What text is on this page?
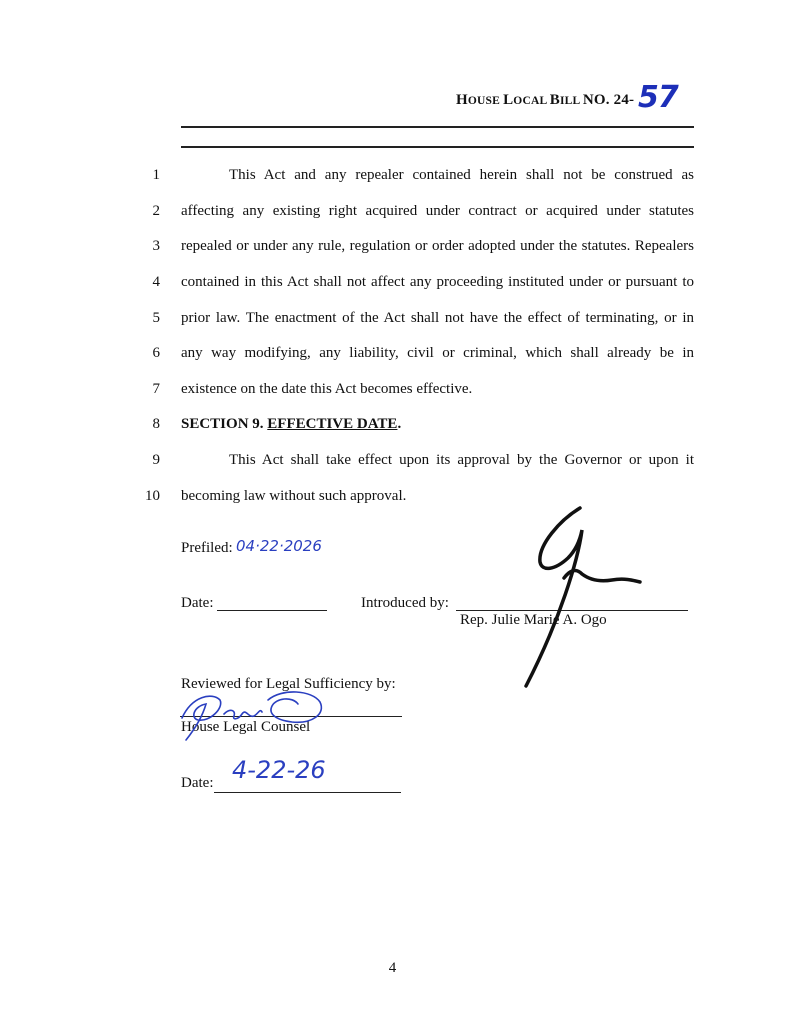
HOUSE LOCAL BILL NO. 24- 57
1	This Act and any repealer contained herein shall not be construed as
2 affecting any existing right acquired under contract or acquired under statutes
3 repealed or under any rule, regulation or order adopted under the statutes. Repealers
4 contained in this Act shall not affect any proceeding instituted under or pursuant to
5 prior law. The enactment of the Act shall not have the effect of terminating, or in
6 any way modifying, any liability, civil or criminal, which shall already be in
7 existence on the date this Act becomes effective.
8 SECTION 9. EFFECTIVE DATE.
9	This Act shall take effect upon its approval by the Governor or upon it
10 becoming law without such approval.
Prefiled: 04·22·2026
Date:	Introduced by:
Rep. Julie Marie A. Ogo
Reviewed for Legal Sufficiency by:
House Legal Counsel
Date: 4-22-26
4
